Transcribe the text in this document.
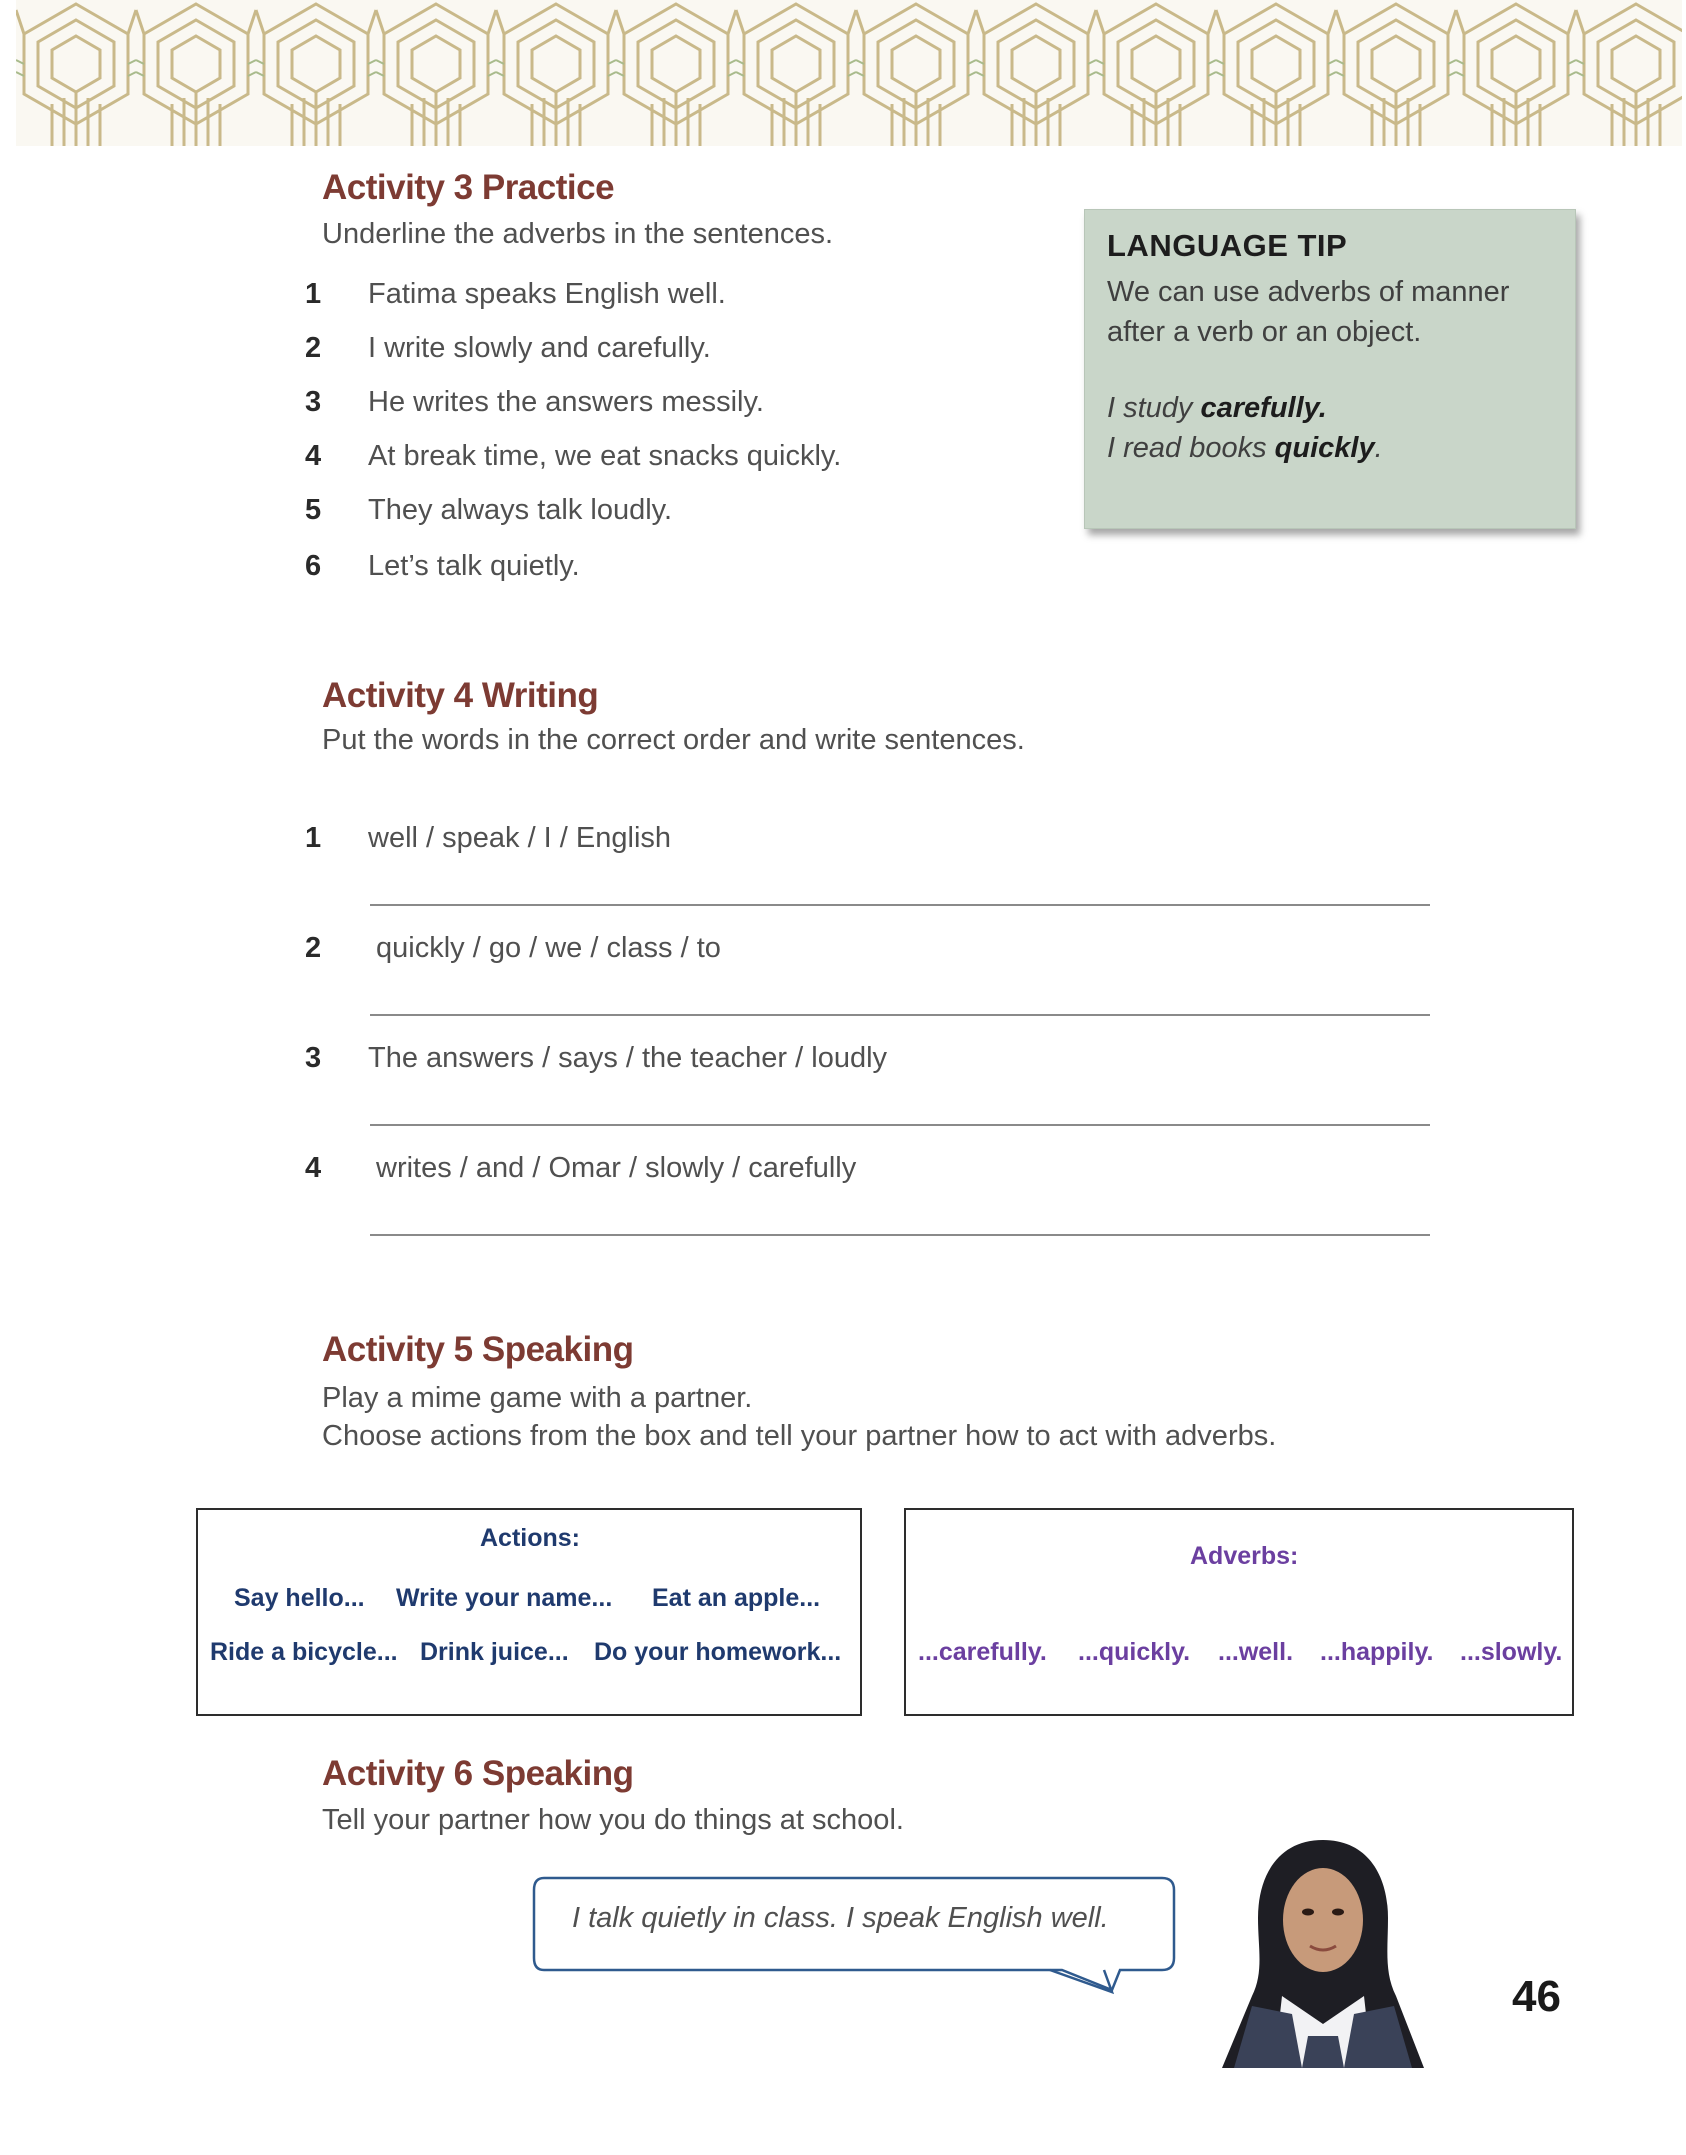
Activity 3 Practice
Underline the adverbs in the sentences.
1 Fatima speaks English well.
2 I write slowly and carefully.
3 He writes the answers messily.
4 At break time, we eat snacks quickly.
5 They always talk loudly.
6 Let’s talk quietly.
LANGUAGE TIP
We can use adverbs of manner after a verb or an object.
I study carefully.
I read books quickly.
Activity 4 Writing
Put the words in the correct order and write sentences.
1 well / speak / I / English
2 quickly / go / we / class / to
3 The answers / says / the teacher / loudly
4 writes / and / Omar / slowly / carefully
Activity 5 Speaking
Play a mime game with a partner.
Choose actions from the box and tell your partner how to act with adverbs.
Actions:
Say hello... Write your name... Eat an apple...
Ride a bicycle... Drink juice... Do your homework...
Adverbs:
...carefully. ...quickly. ...well. ...happily. ...slowly.
Activity 6 Speaking
Tell your partner how you do things at school.
I talk quietly in class. I speak English well.
46
